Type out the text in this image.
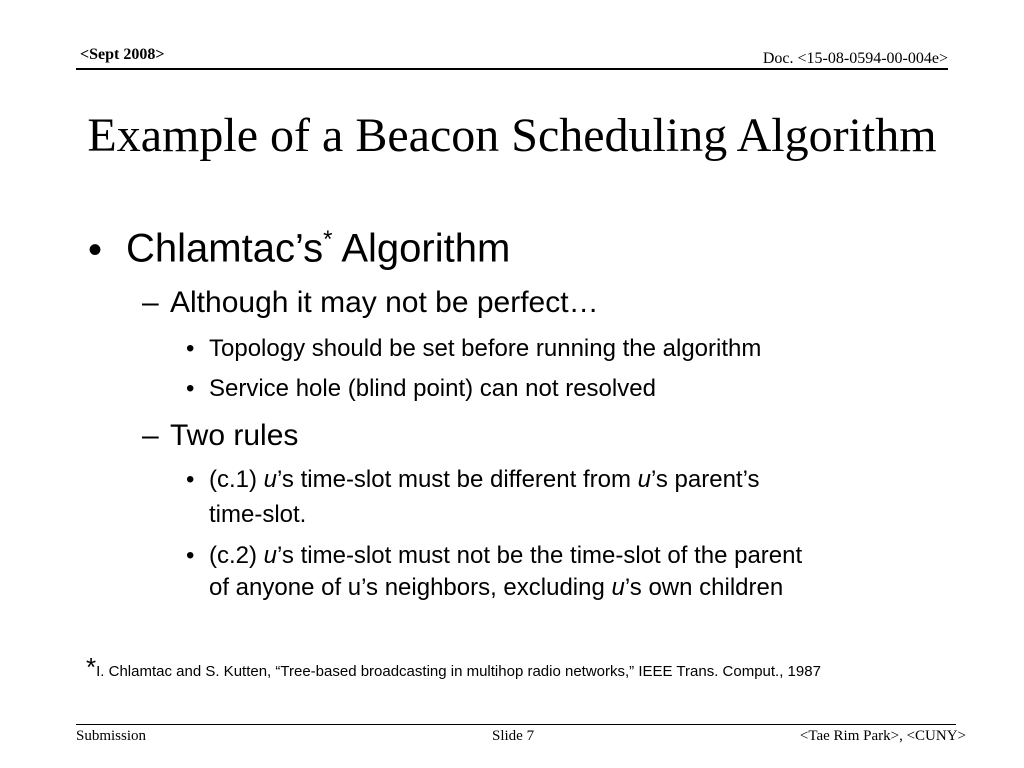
<Sept 2008>	Doc. <15-08-0594-00-004e>
Example of a Beacon Scheduling Algorithm
• Chlamtac’s* Algorithm
– Although it may not be perfect…
• Topology should be set before running the algorithm
• Service hole (blind point) can not resolved
– Two rules
• (c.1) u’s time-slot must be different from u’s parent’s
time-slot.
• (c.2) u’s time-slot must not be the time-slot of the parent
of anyone of u’s neighbors, excluding u’s own children
*I. Chlamtac and S. Kutten, “Tree-based broadcasting in multihop radio networks,” IEEE Trans. Comput., 1987
Submission	Slide 7	<Tae Rim Park>, <CUNY>
